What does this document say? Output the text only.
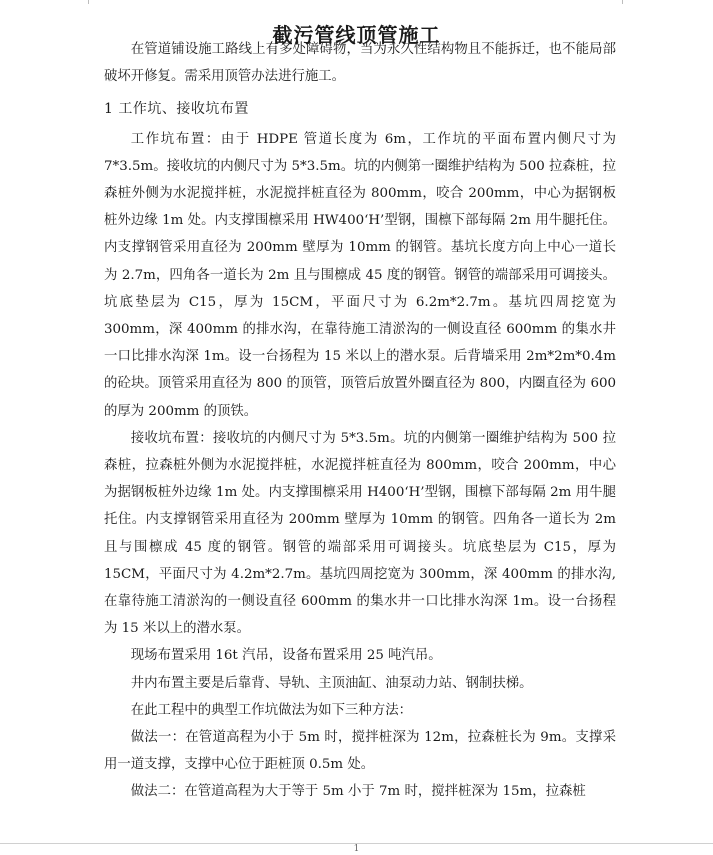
截污管线顶管施工

在管道铺设施工路线上有多处障碍物，当为永久性结构物且不能拆迁，也不能局部破坏开修复。需采用顶管办法进行施工。

1 工作坑、接收坑布置

工作坑布置：由于 HDPE 管道长度为 6m，工作坑的平面布置内侧尺寸为 7*3.5m。接收坑的内侧尺寸为 5*3.5m。坑的内侧第一圈维护结构为 500 拉森桩，拉森桩外侧为水泥搅拌桩，水泥搅拌桩直径为 800mm，咬合 200mm，中心为据钢板桩外边缘 1m 处。内支撑围檩采用 HW400‘H’型钢，围檩下部每隔 2m 用牛腿托住。内支撑钢管采用直径为 200mm 壁厚为 10mm 的钢管。基坑长度方向上中心一道长为 2.7m，四角各一道长为 2m 且与围檩成 45 度的钢管。钢管的端部采用可调接头。坑底垫层为 C15，厚为 15CM，平面尺寸为 6.2m*2.7m。基坑四周挖宽为 300mm，深 400mm 的排水沟，在靠待施工清淤沟的一侧设直径 600mm 的集水井一口比排水沟深 1m。设一台扬程为 15 米以上的潜水泵。后背墙采用 2m*2m*0.4m 的砼块。顶管采用直径为 800 的顶管，顶管后放置外圈直径为 800，内圈直径为 600 的厚为 200mm 的顶铁。

接收坑布置：接收坑的内侧尺寸为 5*3.5m。坑的内侧第一圈维护结构为 500 拉森桩，拉森桩外侧为水泥搅拌桩，水泥搅拌桩直径为 800mm，咬合 200mm，中心为据钢板桩外边缘 1m 处。内支撑围檩采用 H400‘H’型钢，围檩下部每隔 2m 用牛腿托住。内支撑钢管采用直径为 200mm 壁厚为 10mm 的钢管。四角各一道长为 2m 且与围檩成 45 度的钢管。钢管的端部采用可调接头。坑底垫层为 C15，厚为 15CM，平面尺寸为 4.2m*2.7m。基坑四周挖宽为 300mm，深 400mm 的排水沟,在靠待施工清淤沟的一侧设直径 600mm 的集水井一口比排水沟深 1m。设一台扬程为 15 米以上的潜水泵。

现场布置采用 16t 汽吊，设备布置采用 25 吨汽吊。

井内布置主要是后靠背、导轨、主顶油缸、油泵动力站、钢制扶梯。

在此工程中的典型工作坑做法为如下三种方法：

做法一：在管道高程为小于 5m 时，搅拌桩深为 12m，拉森桩长为 9m。支撑采用一道支撑，支撑中心位于距桩顶 0.5m 处。

做法二：在管道高程为大于等于 5m 小于 7m 时，搅拌桩深为 15m，拉森桩

1
